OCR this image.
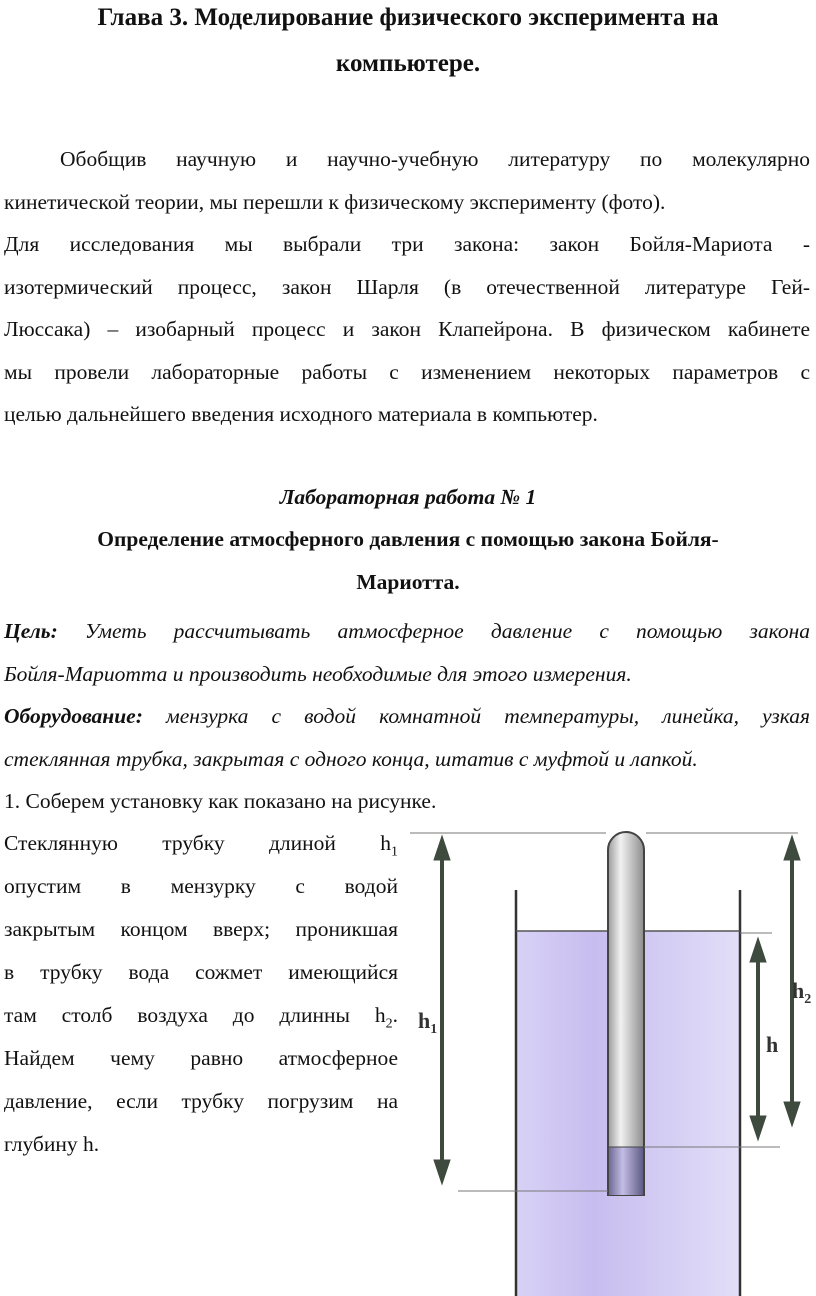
Глава 3. Моделирование физического эксперимента на
компьютере.
Обобщив научную и научно-учебную литературу по молекулярно
кинетической теории, мы перешли к физическому эксперименту (фото).
Для исследования мы выбрали три закона: закон Бойля-Мариота -
изотермический процесс, закон Шарля (в отечественной литературе Гей-
Люссака) – изобарный процесс и закон Клапейрона. В физическом кабинете
мы провели лабораторные работы с изменением некоторых параметров с
целью дальнейшего введения исходного материала в компьютер.
Лабораторная работа № 1
Определение атмосферного давления с помощью закона Бойля-
Мариотта.
Цель: Уметь рассчитывать атмосферное давление с помощью закона
Бойля-Мариотта и производить необходимые для этого измерения.
Оборудование: мензурка с водой комнатной температуры, линейка, узкая
стеклянная трубка, закрытая с одного конца, штатив с муфтой и лапкой.
1. Соберем установку как показано на рисунке.
Стеклянную трубку длиной $h_1$
опустим в мензурку с водой
закрытым концом вверх; проникшая
в трубку вода сожмет имеющийся
там столб воздуха до длинны $h_2$.
Найдем чему равно атмосферное
давление, если трубку погрузим на
глубину h.
$h_1$
$h_2$
h
